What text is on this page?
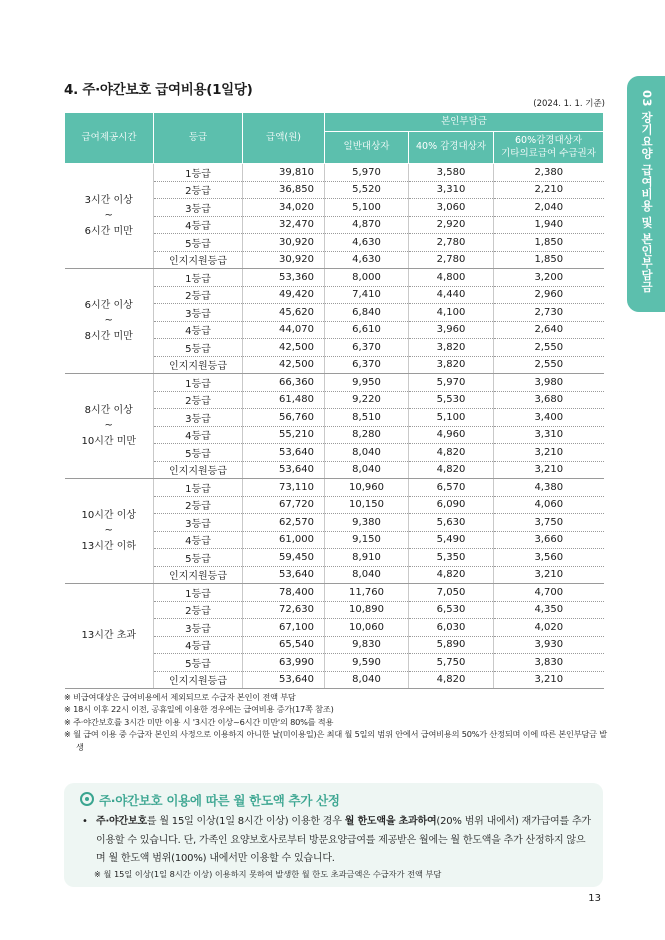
4. 주·야간보호 급여비용(1일당)
(2024. 1. 1. 기준)	03 장기요양 급여비용 및 본인부담금
급여제공시간	등급	급액(원)	본인부담금		
			일반대상자	40% 감경대상자	60%감경대상자
기타의료급여 수급권자

3시간 이상
~
6시간 미만	1등급	39,810	5,970	3,580	2,380
	2등급	36,850	5,520	3,310	2,210
	3등급	34,020	5,100	3,060	2,040
	4등급	32,470	4,870	2,920	1,940
	5등급	30,920	4,630	2,780	1,850
	인지지원등급	30,920	4,630	2,780	1,850

6시간 이상
~
8시간 미만	1등급	53,360	8,000	4,800	3,200
	2등급	49,420	7,410	4,440	2,960
	3등급	45,620	6,840	4,100	2,730
	4등급	44,070	6,610	3,960	2,640
	5등급	42,500	6,370	3,820	2,550
	인지지원등급	42,500	6,370	3,820	2,550

8시간 이상
~
10시간 미만	1등급	66,360	9,950	5,970	3,980
	2등급	61,480	9,220	5,530	3,680
	3등급	56,760	8,510	5,100	3,400
	4등급	55,210	8,280	4,960	3,310
	5등급	53,640	8,040	4,820	3,210
	인지지원등급	53,640	8,040	4,820	3,210

10시간 이상
~
13시간 이하	1등급	73,110	10,960	6,570	4,380
	2등급	67,720	10,150	6,090	4,060
	3등급	62,570	9,380	5,630	3,750
	4등급	61,000	9,150	5,490	3,660
	5등급	59,450	8,910	5,350	3,560
	인지지원등급	53,640	8,040	4,820	3,210

13시간 초과	1등급	78,400	11,760	7,050	4,700
	2등급	72,630	10,890	6,530	4,350
	3등급	67,100	10,060	6,030	4,020
	4등급	65,540	9,830	5,890	3,930
	5등급	63,990	9,590	5,750	3,830
	인지지원등급	53,640	8,040	4,820	3,210

※ 비급여대상은 급여비용에서 제외되므로 수급자 본인이 전액 부담

※ 18시 이후 22시 이전, 공휴일에 이용한 경우에는 급여비용 증가(17쪽 참조)

※ 주·야간보호를 3시간 미만 이용 시 '3시간 이상~6시간 미만'의 80%를 적용

※ 월 급여 이용 중 수급자 본인의 사정으로 이용하지 아니한 날(미이용일)은 최대 월 5일의 범위 안에서 급여비용의 50%가 산정되며 이에 따른 본인부담금 발생

주·야간보호 이용에 따른 월 한도액 추가 산정
• 주·야간보호를 월 15일 이상(1일 8시간 이상) 이용한 경우 월 한도액을 초과하여(20% 범위 내에서) 재가급여를 추가 이용할 수 있습니다. 단, 가족인 요양보호사로부터 방문요양급여를 제공받은 월에는 월 한도액을 추가 산정하지 않으며 월 한도액 범위(100%) 내에서만 이용할 수 있습니다.
※ 월 15일 이상(1일 8시간 이상) 이용하지 못하여 발생한 월 한도 초과금액은 수급자가 전액 부담
13
